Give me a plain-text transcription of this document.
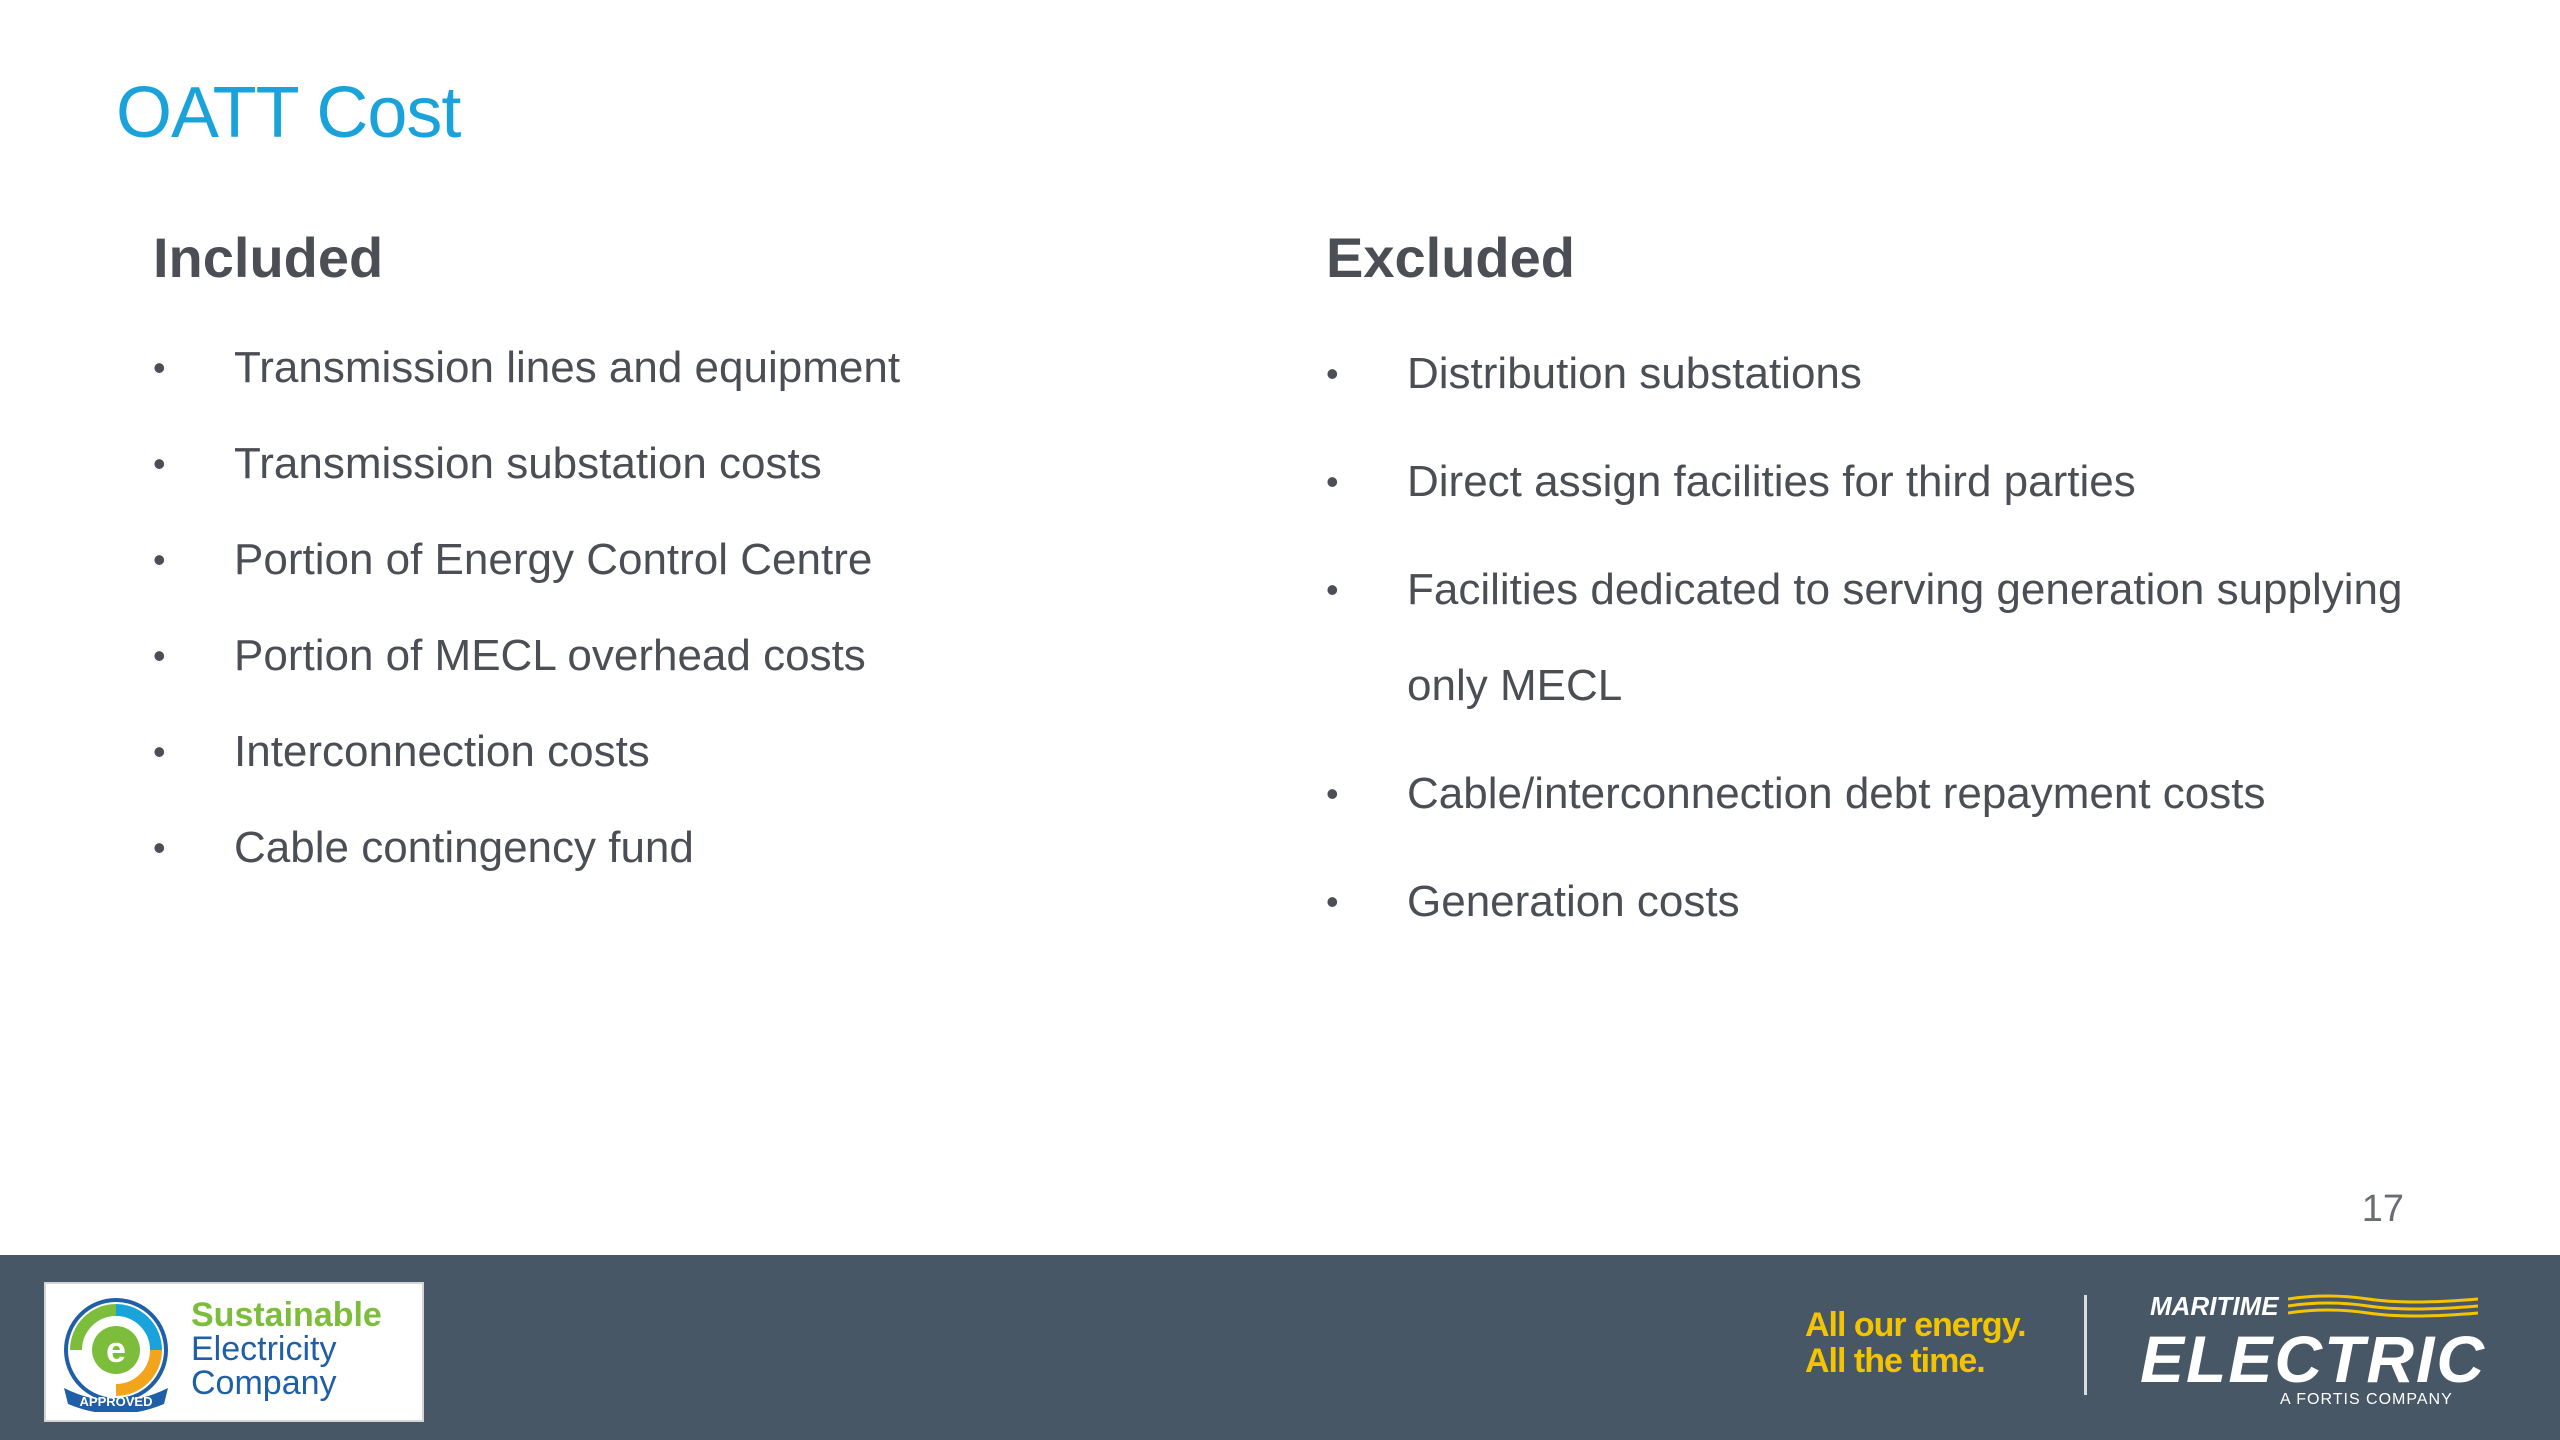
OATT Cost
Included
• Transmission lines and equipment
• Transmission substation costs
• Portion of Energy Control Centre
• Portion of MECL overhead costs
• Interconnection costs
• Cable contingency fund
Excluded
• Distribution substations
• Direct assign facilities for third parties
• Facilities dedicated to serving generation supplying only MECL
• Cable/interconnection debt repayment costs
• Generation costs
17
e
APPROVED
Sustainable
Electricity
Company
All our energy.
All the time.
MARITIME
ELECTRIC
A FORTIS COMPANY
